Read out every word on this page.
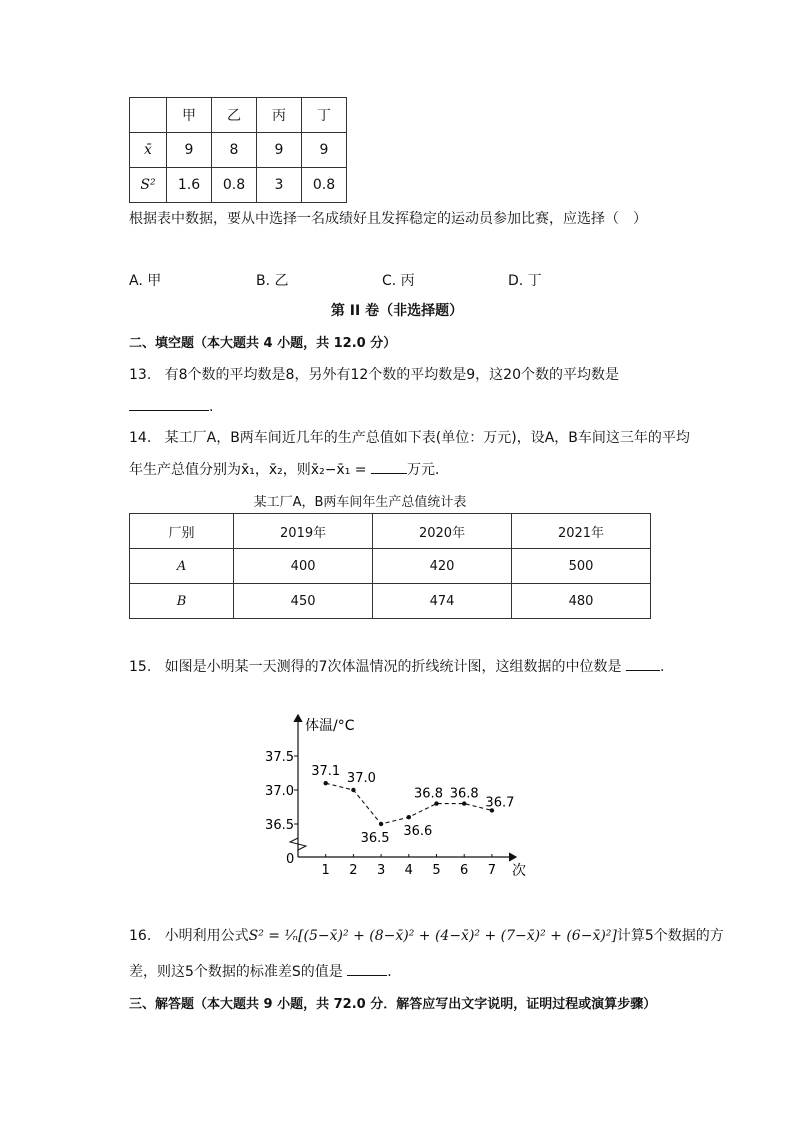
	甲	乙	丙	丁
x̄	9	8	9	9
S²	1.6	0.8	3	0.8
根据表中数据，要从中选择一名成绩好且发挥稳定的运动员参加比赛，应选择（　）
A. 甲	B. 乙	C. 丙	D. 丁
第 II 卷（非选择题）
二、填空题（本大题共 4 小题，共 12.0 分）
13. 有8个数的平均数是8，另外有12个数的平均数是9，这20个数的平均数是
.
14. 某工厂A，B两车间近几年的生产总值如下表(单位：万元)，设A，B车间这三年的平均
年生产总值分别为x̄₁，x̄₂，则x̄₂−x̄₁ =	万元．
某工厂A，B两车间年生产总值统计表
厂别	2019年	2020年	2021年
A	400	420	500
B	450	474	480
15. 如图是小明某一天测得的7次体温情况的折线统计图，这组数据的中位数是	.
体温/°C
次
0
37.5
37.0
36.5
1 2 3 4 5 6 7
37.1 37.0
36.5 36.6
36.8 36.8
36.7
16. 小明利用公式S² = ¹⁄ₙ[(5−x̄)² + (8−x̄)² + (4−x̄)² + (7−x̄)² + (6−x̄)²]计算5个数据的方
差，则这5个数据的标准差S的值是	.
三、解答题（本大题共 9 小题，共 72.0 分．解答应写出文字说明，证明过程或演算步骤）
